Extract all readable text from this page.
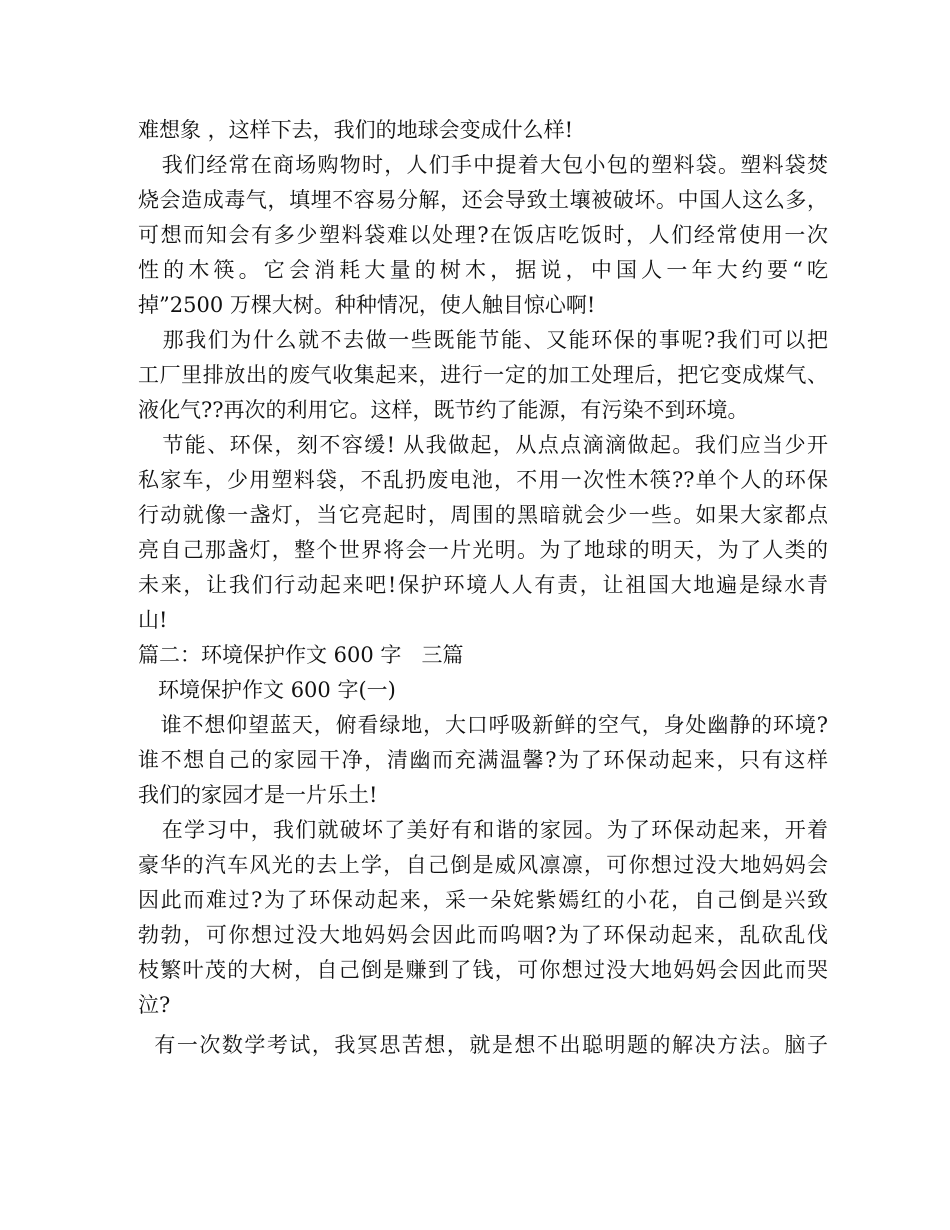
难想象 ，这样下去，我们的地球会变成什么样!
我们经常在商场购物时，人们手中提着大包小包的塑料袋。塑料袋焚
烧会造成毒气，填埋不容易分解，还会导致土壤被破坏。中国人这么多，
可想而知会有多少塑料袋难以处理?在饭店吃饭时，人们经常使用一次
性的木筷。它会消耗大量的树木，据说，中国人一年大约要“吃
掉”2500 万棵大树。种种情况，使人触目惊心啊!
那我们为什么就不去做一些既能节能、又能环保的事呢?我们可以把
工厂里排放出的废气收集起来，进行一定的加工处理后，把它变成煤气、
液化气??再次的利用它。这样，既节约了能源，有污染不到环境。
节能、环保，刻不容缓! 从我做起，从点点滴滴做起。我们应当少开
私家车，少用塑料袋，不乱扔废电池，不用一次性木筷??单个人的环保
行动就像一盏灯，当它亮起时，周围的黑暗就会少一些。如果大家都点
亮自己那盏灯，整个世界将会一片光明。为了地球的明天，为了人类的
未来，让我们行动起来吧!保护环境人人有责，让祖国大地遍是绿水青
山!
篇二：环境保护作文 600 字   三篇
环境保护作文 600 字(一)
谁不想仰望蓝天，俯看绿地，大口呼吸新鲜的空气，身处幽静的环境?
谁不想自己的家园干净，清幽而充满温馨?为了环保动起来，只有这样
我们的家园才是一片乐土!
在学习中，我们就破坏了美好有和谐的家园。为了环保动起来，开着
豪华的汽车风光的去上学，自己倒是威风凛凛，可你想过没大地妈妈会
因此而难过?为了环保动起来，采一朵姹紫嫣红的小花，自己倒是兴致
勃勃，可你想过没大地妈妈会因此而呜咽?为了环保动起来，乱砍乱伐
枝繁叶茂的大树，自己倒是赚到了钱，可你想过没大地妈妈会因此而哭
泣?
有一次数学考试，我冥思苦想，就是想不出聪明题的解决方法。脑子
